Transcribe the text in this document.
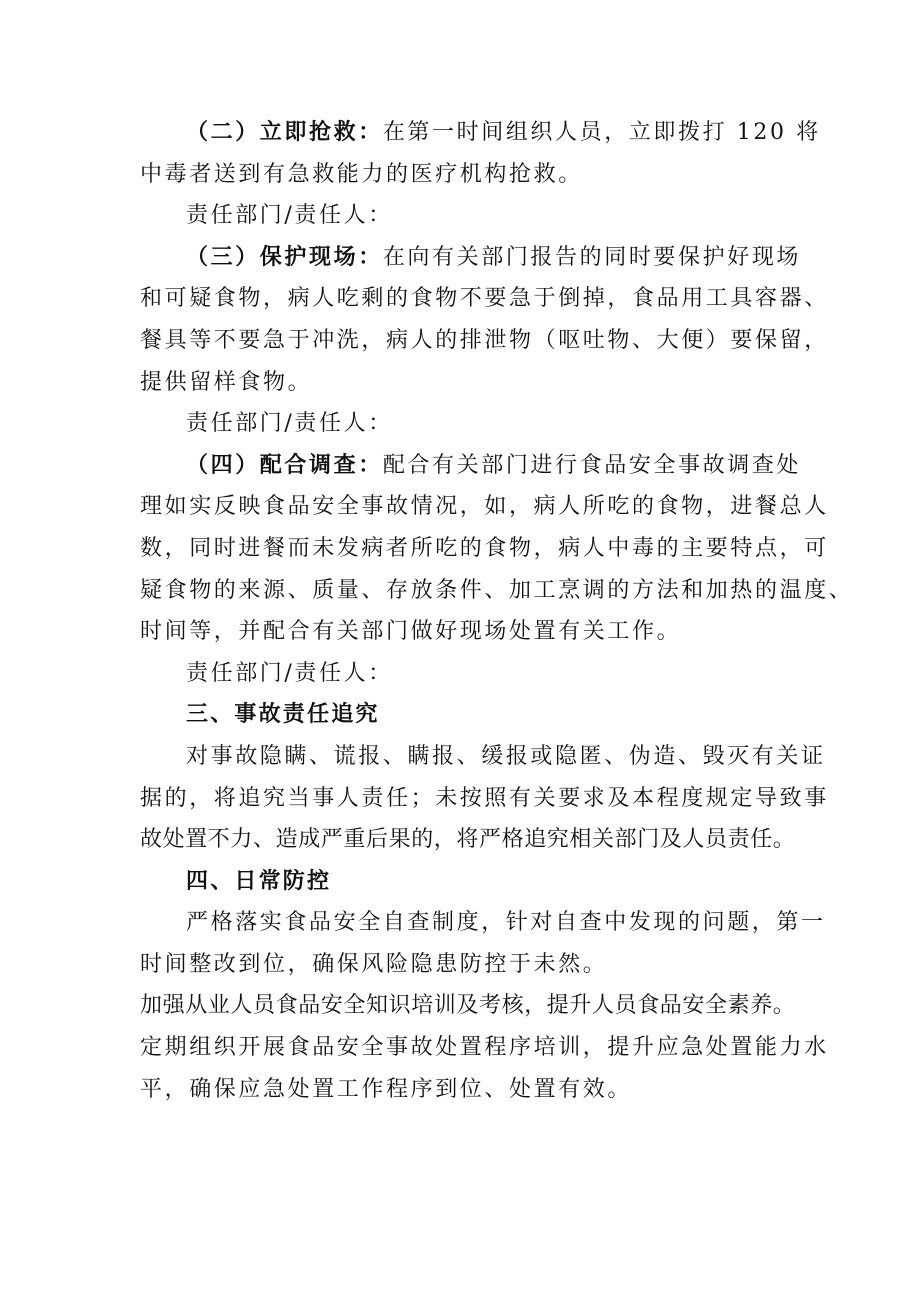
（二）立即抢救：在第一时间组织人员，立即拨打 120 将
中毒者送到有急救能力的医疗机构抢救。
责任部门/责任人：
（三）保护现场：在向有关部门报告的同时要保护好现场
和可疑食物，病人吃剩的食物不要急于倒掉，食品用工具容器、
餐具等不要急于冲洗，病人的排泄物（呕吐物、大便）要保留，
提供留样食物。
责任部门/责任人：
（四）配合调查：配合有关部门进行食品安全事故调查处
理如实反映食品安全事故情况，如，病人所吃的食物，进餐总人
数，同时进餐而未发病者所吃的食物，病人中毒的主要特点，可
疑食物的来源、质量、存放条件、加工烹调的方法和加热的温度、
时间等，并配合有关部门做好现场处置有关工作。
责任部门/责任人：
三、事故责任追究
对事故隐瞒、谎报、瞒报、缓报或隐匿、伪造、毁灭有关证
据的，将追究当事人责任；未按照有关要求及本程度规定导致事
故处置不力、造成严重后果的，将严格追究相关部门及人员责任。
四、日常防控
严格落实食品安全自查制度，针对自查中发现的问题，第一
时间整改到位，确保风险隐患防控于未然。
加强从业人员食品安全知识培训及考核，提升人员食品安全素养。
定期组织开展食品安全事故处置程序培训，提升应急处置能力水
平，确保应急处置工作程序到位、处置有效。
